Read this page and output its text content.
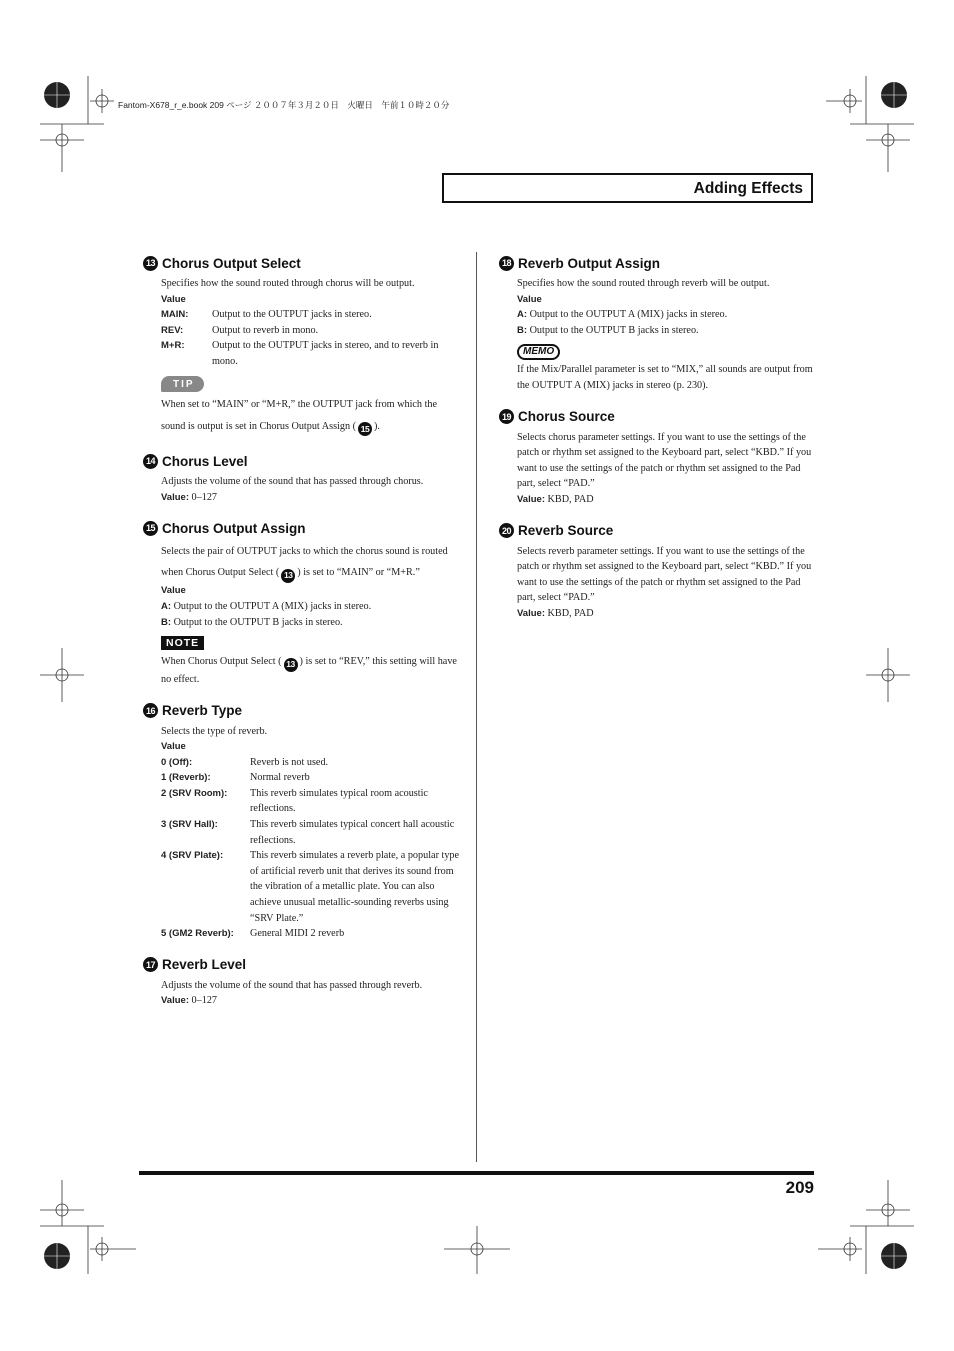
Fantom-X678_r_e.book 209 ページ ２００７年３月２０日　火曜日　午前１０時２０分
Adding Effects
13 Chorus Output Select

Specifies how the sound routed through chorus will be output.

Value

MAIN:	Output to the OUTPUT jacks in stereo.
REV:	Output to reverb in mono.
M+R:	Output to the OUTPUT jacks in stereo, and to reverb in mono.
TIP

When set to “MAIN” or “M+R,” the OUTPUT jack from which the sound is output is set in Chorus Output Assign ( 15 ).

14 Chorus Level

Adjusts the volume of the sound that has passed through chorus.

Value: 0–127

15 Chorus Output Assign

Selects the pair of OUTPUT jacks to which the chorus sound is routed when Chorus Output Select ( 13 ) is set to “MAIN” or “M+R.”

Value

A: Output to the OUTPUT A (MIX) jacks in stereo.

B: Output to the OUTPUT B jacks in stereo.

NOTE

When Chorus Output Select ( 13 ) is set to “REV,” this setting will have no effect.

16 Reverb Type

Selects the type of reverb.

Value

0 (Off):	Reverb is not used.
1 (Reverb):	Normal reverb
2 (SRV Room):	This reverb simulates typical room acoustic reflections.
3 (SRV Hall):	This reverb simulates typical concert hall acoustic reflections.
4 (SRV Plate):	This reverb simulates a reverb plate, a popular type of artificial reverb unit that derives its sound from the vibration of a metallic plate. You can also achieve unusual metallic-sounding reverbs using “SRV Plate.”
5 (GM2 Reverb):	General MIDI 2 reverb
17 Reverb Level

Adjusts the volume of the sound that has passed through reverb.

Value: 0–127

18 Reverb Output Assign

Specifies how the sound routed through reverb will be output.

Value

A: Output to the OUTPUT A (MIX) jacks in stereo.

B: Output to the OUTPUT B jacks in stereo.

MEMO

If the Mix/Parallel parameter is set to “MIX,” all sounds are output from the OUTPUT A (MIX) jacks in stereo (p. 230).

19 Chorus Source

Selects chorus parameter settings. If you want to use the settings of the patch or rhythm set assigned to the Keyboard part, select “KBD.” If you want to use the settings of the patch or rhythm set assigned to the Pad part, select “PAD.”

Value: KBD, PAD

20 Reverb Source

Selects reverb parameter settings. If you want to use the settings of the patch or rhythm set assigned to the Keyboard part, select “KBD.” If you want to use the settings of the patch or rhythm set assigned to the Pad part, select “PAD.”

Value: KBD, PAD

209
